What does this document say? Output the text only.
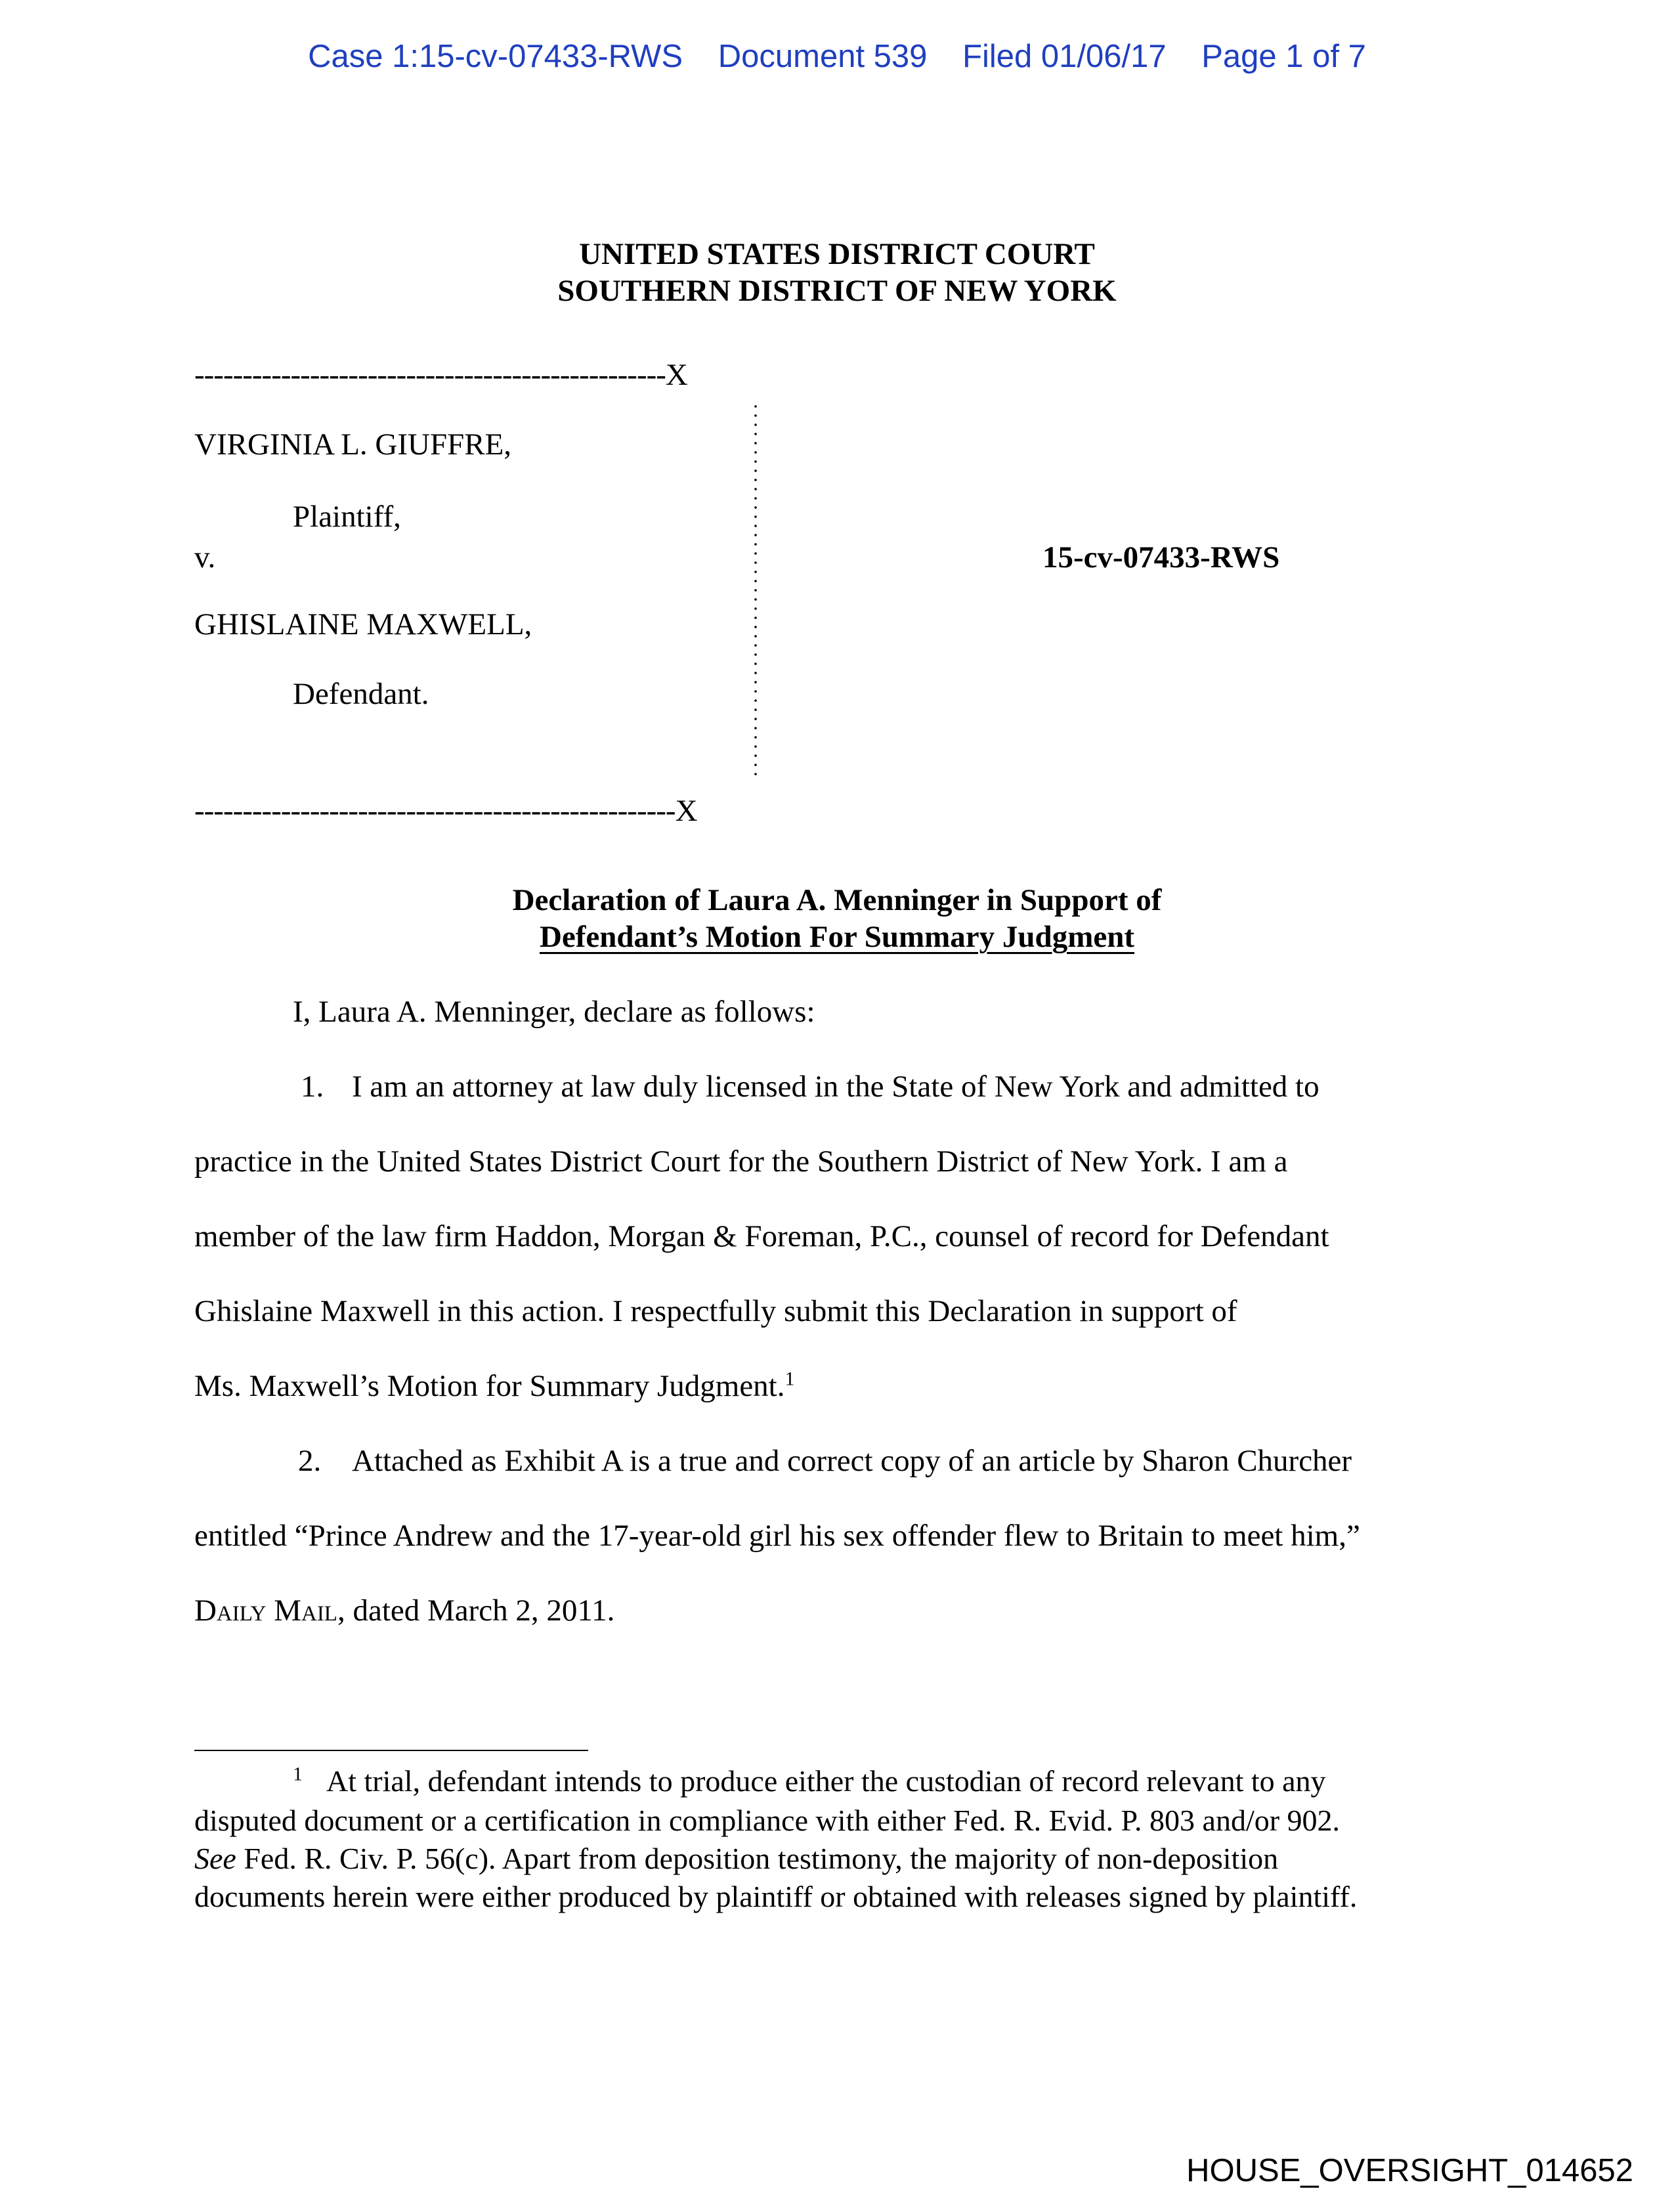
Case 1:15-cv-07433-RWS Document 539 Filed 01/06/17 Page 1 of 7
UNITED STATES DISTRICT COURT
SOUTHERN DISTRICT OF NEW YORK
-------------------------------------------------X
VIRGINIA L. GIUFFRE,
Plaintiff,
v.	15-cv-07433-RWS
GHISLAINE MAXWELL,
Defendant.
--------------------------------------------------X
Declaration of Laura A. Menninger in Support of
Defendant’s Motion For Summary Judgment
I, Laura A. Menninger, declare as follows:
1. I am an attorney at law duly licensed in the State of New York and admitted to
practice in the United States District Court for the Southern District of New York. I am a
member of the law firm Haddon, Morgan & Foreman, P.C., counsel of record for Defendant
Ghislaine Maxwell in this action. I respectfully submit this Declaration in support of
Ms. Maxwell’s Motion for Summary Judgment.$^1$
2. Attached as Exhibit A is a true and correct copy of an article by Sharon Churcher
entitled “Prince Andrew and the 17-year-old girl his sex offender flew to Britain to meet him,”
Daily Mail, dated March 2, 2011.
$^1$ At trial, defendant intends to produce either the custodian of record relevant to any
disputed document or a certification in compliance with either Fed. R. Evid. P. 803 and/or 902.
See Fed. R. Civ. P. 56(c). Apart from deposition testimony, the majority of non-deposition
documents herein were either produced by plaintiff or obtained with releases signed by plaintiff.
HOUSE_OVERSIGHT_014652
